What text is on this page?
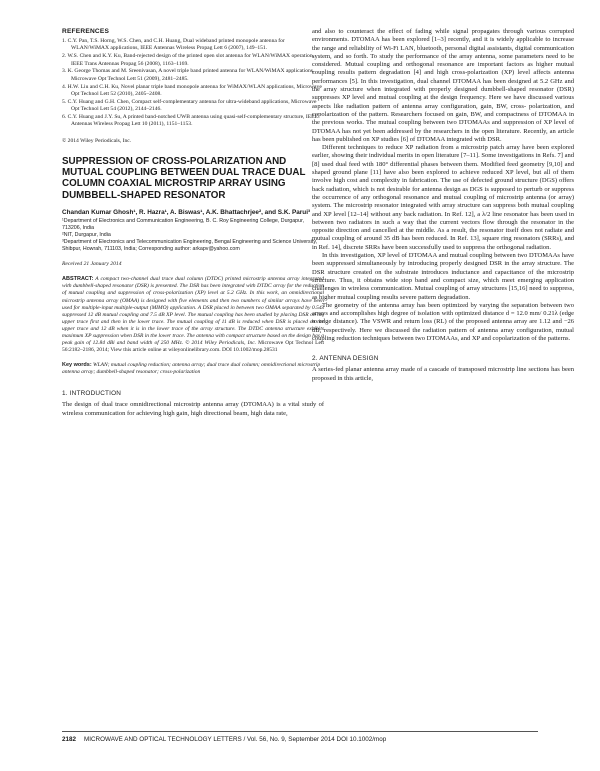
REFERENCES
1. C.Y. Pan, T.S. Horng, W.S. Chen, and C.H. Huang, Dual wideband printed monopole antenna for WLAN/WiMAX applications, IEEE Antennas Wireless Propag Lett 6 (2007), 149–151.
2. W.S. Chen and K.Y. Ku, Band-rejected design of the printed open slot antenna for WLAN/WiMAX operation, IEEE Trans Antennas Propag 56 (2008), 1163–1169.
3. K. George Thomas and M. Sreenivasan, A novel triple band printed antenna for WLAN/WiMAX applications, Microwave Opt Technol Lett 51 (2009), 2481–2485.
4. H.W. Liu and C.H. Ku, Novel planar triple band monopole antenna for WiMAX/WLAN applications, Microwave Opt Technol Lett 52 (2010), 2405–2408.
5. C.Y. Huang and G.H. Chen, Compact self-complementary antenna for ultra-wideband applications, Microwave Opt Technol Lett 54 (2012), 2144–2146.
6. C.Y. Huang and J.Y. Su, A printed band-notched UWB antenna using quasi-self-complementary structure, IEEE Antennas Wireless Propag Lett 10 (2011), 1151–1153.

© 2014 Wiley Periodicals, Inc.

SUPPRESSION OF CROSS-POLARIZATION AND MUTUAL COUPLING BETWEEN DUAL TRACE DUAL COLUMN COAXIAL MICROSTRIP ARRAY USING DUMBBELL-SHAPED RESONATOR

Chandan Kumar Ghosh¹, R. Hazra¹, A. Biswas¹, A.K. Bhattachrjee², and S.K. Parui³

¹Department of Electronics and Communication Engineering, B. C. Roy Engineering College, Durgapur, 713206, India

²NIT, Durgapur, India

³Department of Electronics and Telecommunication Engineering, Bengal Engineering and Science University, Shibpur, Howrah, 711103, India; Corresponding author: arkapv@yahoo.com

Received 21 January 2014

ABSTRACT: A compact two-channel dual trace dual column (DTDC) printed microstrip antenna array integrated with dumbbell-shaped resonator (DSR) is presented. The DSR has been integrated with DTDC array for the reduction of mutual coupling and suppression of cross-polarization (XP) level at 5.2 GHz. In this work, an omnidirectional microstrip antenna array (OMAA) is designed with five elements and then two numbers of similar arrays have been used for multiple-input multiple-output (MIMO) application. A DSR placed in between two OMAA separated by 0.54λ suppressed 12 dB mutual coupling and 7.5 dB XP level. The mutual coupling has been studied by placing DSR on the upper trace first and then in the lower trace. The mutual coupling of 11 dB is reduced when DSR is placed on the upper trace and 12 dB when it is in the lower trace of the array structure. The DTDC antenna structure exhibits maximum XP suppression when DSR in the lower trace. The antenna with compact structure based on the design has a peak gain of 12.84 dBi and band width of 250 MHz. © 2014 Wiley Periodicals, Inc. Microwave Opt Technol Lett 56:2182–2186, 2014; View this article online at wileyonlinelibrary.com. DOI 10.1002/mop.28531

Key words: WLAN; mutual coupling reduction; antenna array; dual trace dual column; omnidirectional microstrip antenna array; dumbbell-shaped resonator; cross-polarization

1. INTRODUCTION

The design of dual trace omnidirectional microstrip antenna array (DTOMAA) is a vital study of wireless communication for achieving high gain, high directional beam, high data rate,

and also to counteract the effect of fading while signal propagates through various corrupted environments. DTOMAA has been explored [1–3] recently, and it is widely applicable to increase the range and reliability of Wi-Fi LAN, bluetooth, personal digital assistants, digital communication system, and so forth. To study the performance of the array antenna, some parameters need to be considered. Mutual coupling and orthogonal resonance are important factors as higher mutual coupling results pattern degradation [4] and high cross-polarization (XP) level affects antenna performances [5]. In this investigation, dual channel DTOMAA has been designed at 5.2 GHz and the array structure when integrated with properly designed dumbbell-shaped resonator (DSR) suppresses XP level and mutual coupling at the design frequency. Here we have discussed various aspects like radiation pattern of antenna array configuration, gain, BW, cross- polarization, and copolarization of the pattern. Researchers focused on gain, BW, and compactness of DTOMAA in the previous works. The mutual coupling between two DTOMAAs and suppression of XP level of DTOMAA has not yet been addressed by the researchers in the open literature. Recently, an article has been published on XP studies [6] of DTOMAA integrated with DSR.

Different techniques to reduce XP radiation from a microstrip patch array have been explored earlier, showing their individual merits in open literature [7–11]. Some investigations in Refs. 7] and [8] used dual feed with 180° differential phases between them. Modified feed geometry [9,10] and shaped ground plane [11] have also been explored to achieve reduced XP level, but all of them involve high cost and complexity in fabrication. The use of defected ground structure (DGS) offers back radiation, which is not desirable for antenna design as DGS is supposed to perturb or suppress the occurrence of any orthogonal resonance and mutual coupling of microstrip antenna (or array) system. The microstrip resonator integrated with array structure can suppress both mutual coupling and XP level [12–14] without any back radiation. In Ref. 12], a λ/2 line resonator has been used in between two radiators in such a way that the current vectors flow through the resonator in the opposite direction and cancelled at the middle. As a result, the resonator itself does not radiate and mutual coupling of around 35 dB has been reduced. In Ref. 13], square ring resonators (SRRs), and in Ref. 14], discrete SRRs have been successfully used to suppress the orthogonal radiation.

In this investigation, XP level of DTOMAA and mutual coupling between two DTOMAAs have been suppressed simultaneously by introducing properly designed DSR in the array structure. The DSR structure created on the substrate introduces inductance and capacitance of the microstrip structure. Thus, it obtains wide stop band and compact size, which meet emerging application challenges in wireless communication. Mutual coupling of array structures [15,16] need to suppress, as higher mutual coupling results severe pattern degradation.

The geometry of the antenna array has been optimized by varying the separation between two arrays and accomplishes high degree of isolation with optimized distance d = 12.0 mm/ 0.21λ (edge to edge distance). The VSWR and return loss (RL) of the proposed antenna array are 1.12 and −26 dB, respectively. Here we discussed the radiation pattern of antenna array configuration, mutual coupling reduction techniques between two DTOMAAs, and XP and copolarization of the patterns.

2. ANTENNA DESIGN

A series-fed planar antenna array made of a cascade of transposed microstrip line sections has been proposed in this article,

2182 MICROWAVE AND OPTICAL TECHNOLOGY LETTERS / Vol. 56, No. 9, September 2014 DOI 10.1002/mop
